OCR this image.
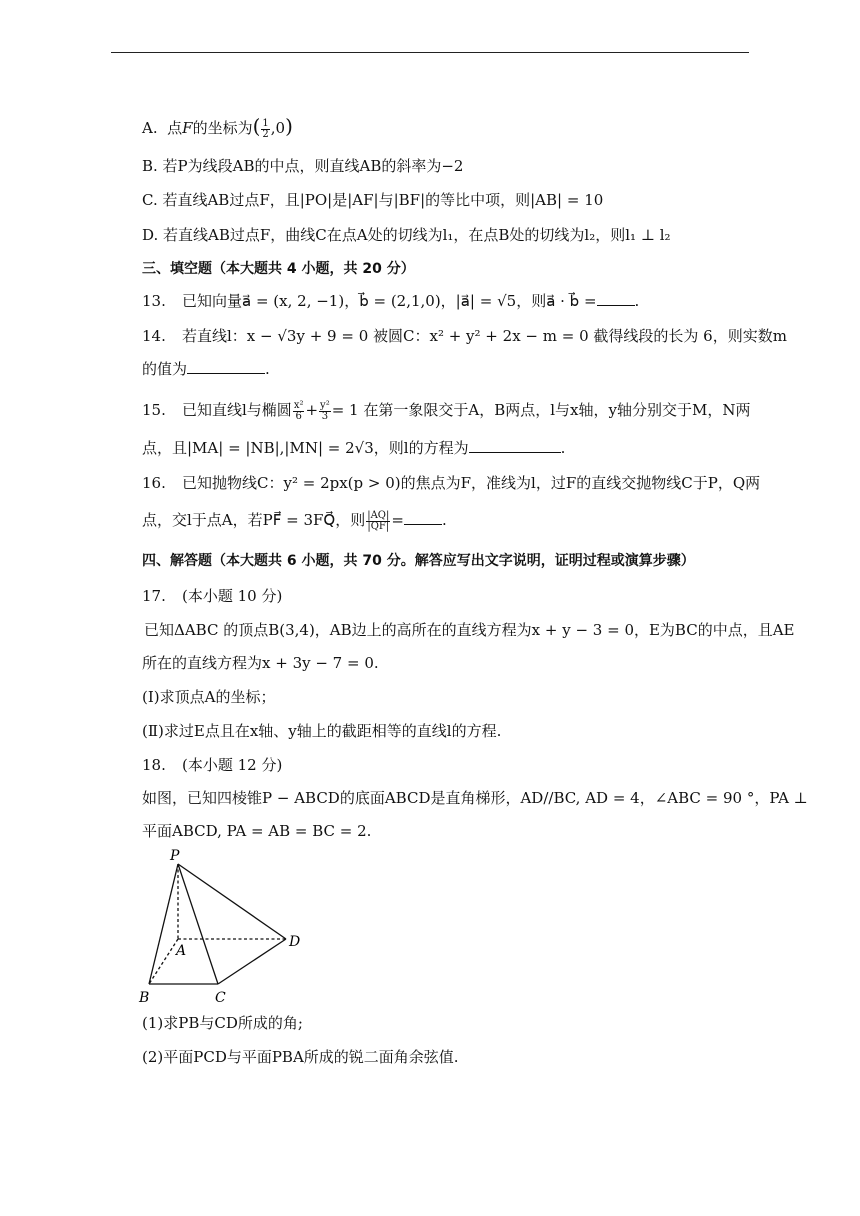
A.  点F的坐标为( $\frac{1}{2} ,0$)
B. 若P为线段AB的中点，则直线AB的斜率为−2
C. 若直线AB过点F，且|PO|是|AF|与|BF|的等比中项，则|AB| = 10
D. 若直线AB过点F，曲线C在点A处的切线为l₁，在点B处的切线为l₂，则l₁ ⊥ l₂
三、填空题（本大题共 4 小题，共 20 分）
13. 已知向量a⃗ = (x, 2, −1)，b⃗ = (2,1,0)，|a⃗| = √5，则a⃗ · b⃗ =	.
14. 若直线l：x − √3y + 9 = 0 被圆C：x² + y² + 2x − m = 0 截得线段的长为 6，则实数m
的值为	.
15. 已知直线l与椭圆 $\frac{\text{x²}}{6} + \frac{\text{y²}}{3} = 1$ 在第一象限交于A，B两点，l与x轴，y轴分别交于M，N两
点，且|MA| = |NB|,|MN| = 2√3，则l的方程为	.
16. 已知抛物线C：y² = 2px(p > 0)的焦点为F，准线为l，过F的直线交抛物线C于P，Q两
点，交l于点A，若PF⃗ = 3FQ⃗，则 $\frac{|AQ|}{|QF|}$ =	.
四、解答题（本大题共 6 小题，共 70 分。解答应写出文字说明，证明过程或演算步骤）
17. (本小题 10 分)
已知ΔABC 的顶点B(3,4)，AB边上的高所在的直线方程为x + y − 3 = 0，E为BC的中点，且AE
所在的直线方程为x + 3y − 7 = 0.
(Ⅰ)求顶点A的坐标；
(Ⅱ)求过E点且在x轴、y轴上的截距相等的直线l的方程.
18. (本小题 12 分)
如图，已知四棱锥P − ABCD的底面ABCD是直角梯形，AD//BC, AD = 4，∠ABC = 90 °，PA ⊥
平面ABCD, PA = AB = BC = 2.
P
A
B	C
D
(1)求PB与CD所成的角;
(2)平面PCD与平面PBA所成的锐二面角余弦值.
